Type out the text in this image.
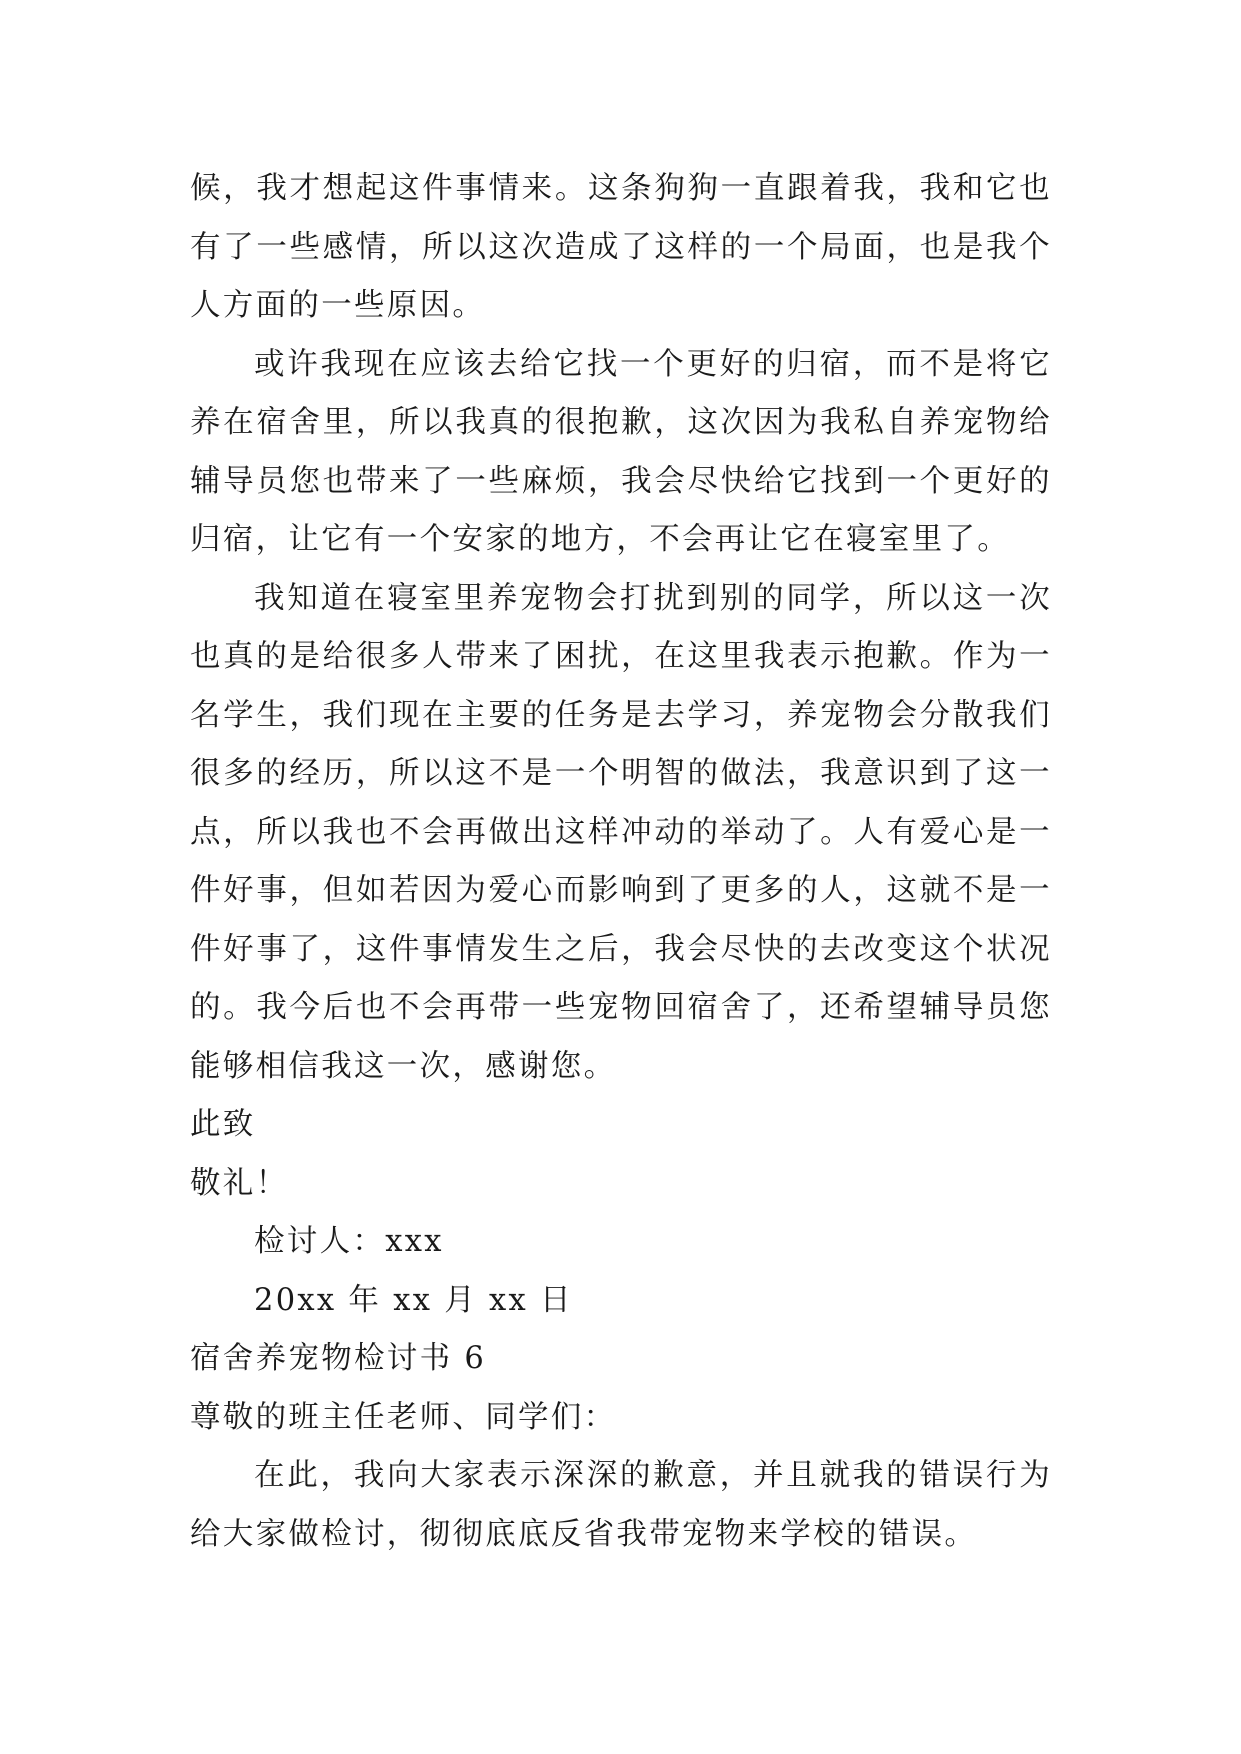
候，我才想起这件事情来。这条狗狗一直跟着我，我和它也有了一些感情，所以这次造成了这样的一个局面，也是我个人方面的一些原因。

或许我现在应该去给它找一个更好的归宿，而不是将它养在宿舍里，所以我真的很抱歉，这次因为我私自养宠物给辅导员您也带来了一些麻烦，我会尽快给它找到一个更好的归宿，让它有一个安家的地方，不会再让它在寝室里了。

我知道在寝室里养宠物会打扰到别的同学，所以这一次也真的是给很多人带来了困扰，在这里我表示抱歉。作为一名学生，我们现在主要的任务是去学习，养宠物会分散我们很多的经历，所以这不是一个明智的做法，我意识到了这一点，所以我也不会再做出这样冲动的举动了。人有爱心是一件好事，但如若因为爱心而影响到了更多的人，这就不是一件好事了，这件事情发生之后，我会尽快的去改变这个状况的。我今后也不会再带一些宠物回宿舍了，还希望辅导员您能够相信我这一次，感谢您。

此致

敬礼！

检讨人：xxx

20xx 年 xx 月 xx 日

宿舍养宠物检讨书 6

尊敬的班主任老师、同学们：

在此，我向大家表示深深的歉意，并且就我的错误行为给大家做检讨，彻彻底底反省我带宠物来学校的错误。
